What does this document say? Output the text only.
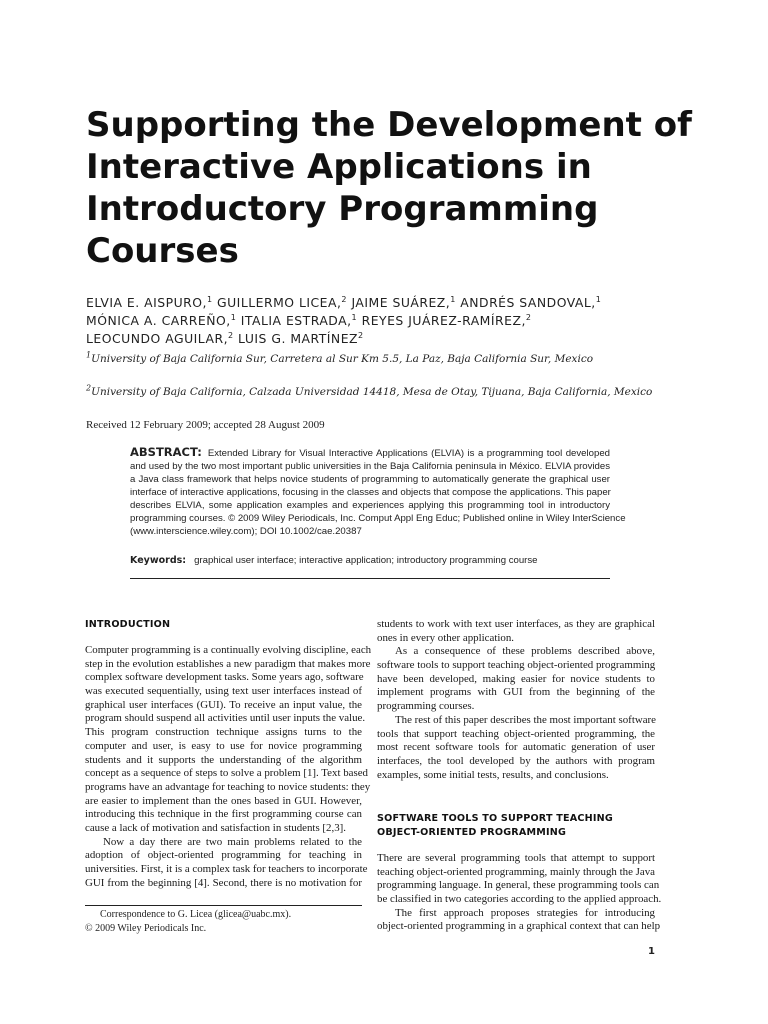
Supporting the Development of
Interactive Applications in
Introductory Programming
Courses
ELVIA E. AISPURO,$^1$ GUILLERMO LICEA,$^2$ JAIME SUÁREZ,$^1$ ANDRÉS SANDOVAL,$^1$
MÓNICA A. CARREÑO,$^1$ ITALIA ESTRADA,$^1$ REYES JUÁREZ-RAMÍREZ,$^2$
LEOCUNDO AGUILAR,$^2$ LUIS G. MARTÍNEZ$^2$
$^1$University of Baja California Sur, Carretera al Sur Km 5.5, La Paz, Baja California Sur, Mexico
$^2$University of Baja California, Calzada Universidad 14418, Mesa de Otay, Tijuana, Baja California, Mexico
Received 12 February 2009; accepted 28 August 2009
ABSTRACT: Extended Library for Visual Interactive Applications (ELVIA) is a programming tool developed
and used by the two most important public universities in the Baja California peninsula in México. ELVIA provides
a Java class framework that helps novice students of programming to automatically generate the graphical user
interface of interactive applications, focusing in the classes and objects that compose the applications. This paper
describes ELVIA, some application examples and experiences applying this programming tool in introductory
programming courses. © 2009 Wiley Periodicals, Inc. Comput Appl Eng Educ; Published online in Wiley InterScience
(www.interscience.wiley.com); DOI 10.1002/cae.20387
Keywords: graphical user interface; interactive application; introductory programming course
INTRODUCTION
Computer programming is a continually evolving discipline, each
step in the evolution establishes a new paradigm that makes more
complex software development tasks. Some years ago, software
was executed sequentially, using text user interfaces instead of
graphical user interfaces (GUI). To receive an input value, the
program should suspend all activities until user inputs the value.
This program construction technique assigns turns to the
computer and user, is easy to use for novice programming
students and it supports the understanding of the algorithm
concept as a sequence of steps to solve a problem [1]. Text based
programs have an advantage for teaching to novice students: they
are easier to implement than the ones based in GUI. However,
introducing this technique in the first programming course can
cause a lack of motivation and satisfaction in students [2,3].
Now a day there are two main problems related to the
adoption of object-oriented programming for teaching in
universities. First, it is a complex task for teachers to incorporate
GUI from the beginning [4]. Second, there is no motivation for
Correspondence to G. Licea (glicea@uabc.mx).
© 2009 Wiley Periodicals Inc.
students to work with text user interfaces, as they are graphical
ones in every other application.
As a consequence of these problems described above,
software tools to support teaching object-oriented programming
have been developed, making easier for novice students to
implement programs with GUI from the beginning of the
programming courses.
The rest of this paper describes the most important software
tools that support teaching object-oriented programming, the
most recent software tools for automatic generation of user
interfaces, the tool developed by the authors with program
examples, some initial tests, results, and conclusions.
SOFTWARE TOOLS TO SUPPORT TEACHING
OBJECT-ORIENTED PROGRAMMING
There are several programming tools that attempt to support
teaching object-oriented programming, mainly through the Java
programming language. In general, these programming tools can
be classified in two categories according to the applied approach.
The first approach proposes strategies for introducing
object-oriented programming in a graphical context that can help
1
